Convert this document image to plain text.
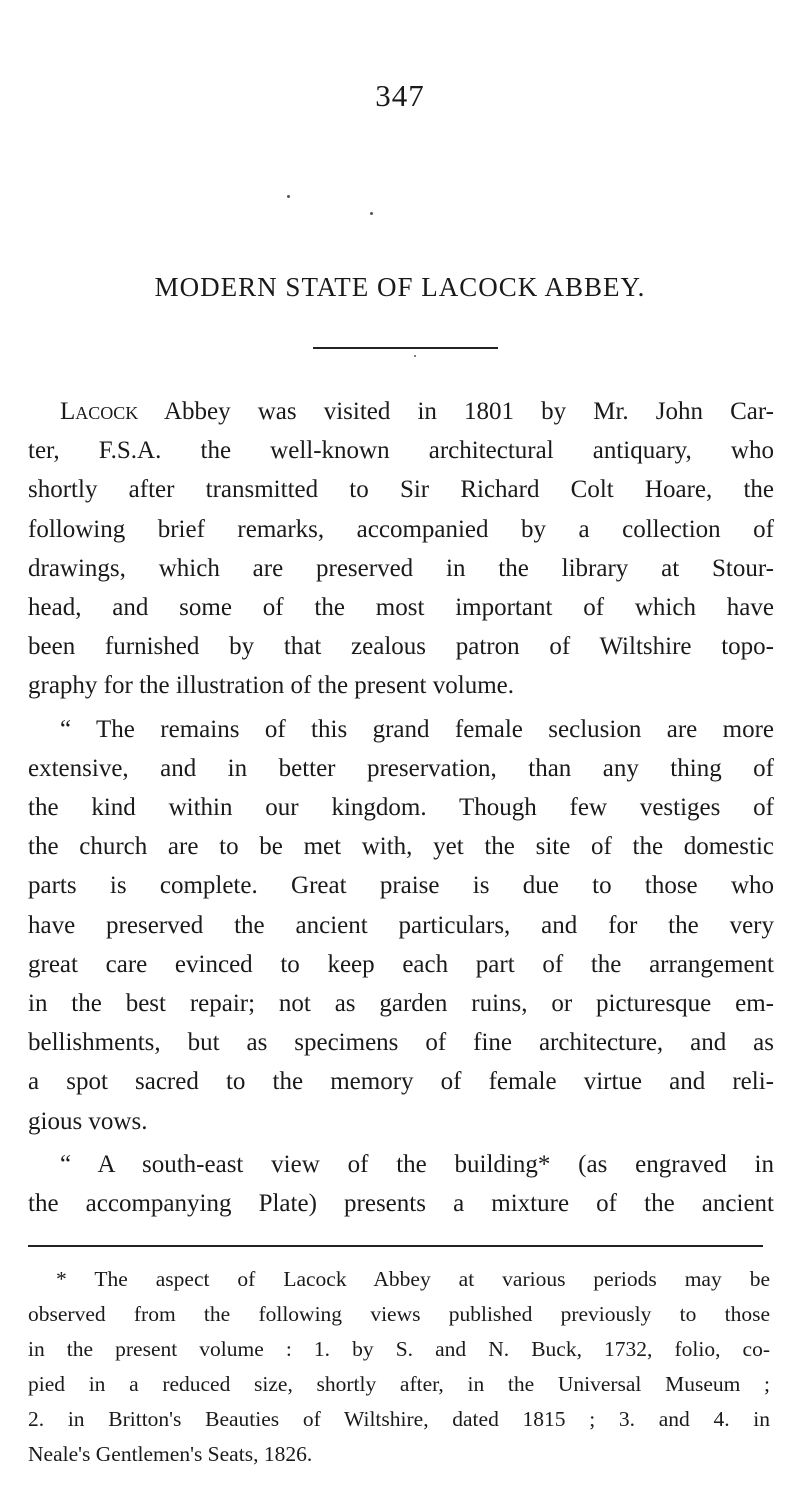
347
MODERN STATE OF LACOCK ABBEY.

Lacock Abbey was visited in 1801 by Mr. John Car-
ter, F.S.A. the well-known architectural antiquary, who
shortly after transmitted to Sir Richard Colt Hoare, the
following brief remarks, accompanied by a collection of
drawings, which are preserved in the library at Stour-
head, and some of the most important of which have
been furnished by that zealous patron of Wiltshire topo-
graphy for the illustration of the present volume.

“ The remains of this grand female seclusion are more
extensive, and in better preservation, than any thing of
the kind within our kingdom. Though few vestiges of
the church are to be met with, yet the site of the domestic
parts is complete. Great praise is due to those who
have preserved the ancient particulars, and for the very
great care evinced to keep each part of the arrangement
in the best repair; not as garden ruins, or picturesque em-
bellishments, but as specimens of fine architecture, and as
a spot sacred to the memory of female virtue and reli-
gious vows.

“ A south-east view of the building* (as engraved in
the accompanying Plate) presents a mixture of the ancient

* The aspect of Lacock Abbey at various periods may be
observed from the following views published previously to those
in the present volume : 1. by S. and N. Buck, 1732, folio, co-
pied in a reduced size, shortly after, in the Universal Museum ;
2. in Britton's Beauties of Wiltshire, dated 1815 ; 3. and 4. in
Neale's Gentlemen's Seats, 1826.
